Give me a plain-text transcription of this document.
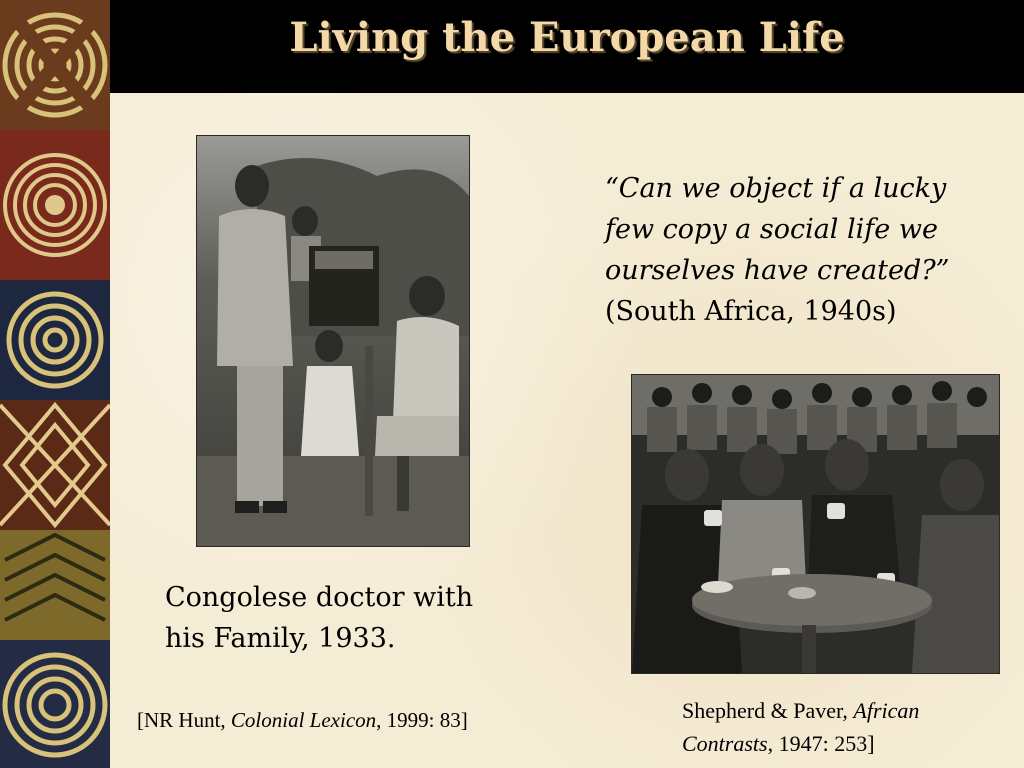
Living the European Life
“Can we object if a lucky
few copy a social life we
ourselves have created?”
(South Africa, 1940s)
Congolese doctor with
his Family, 1933.
[NR Hunt, Colonial Lexicon, 1999: 83]	Shepherd & Paver, African
Contrasts, 1947: 253]
